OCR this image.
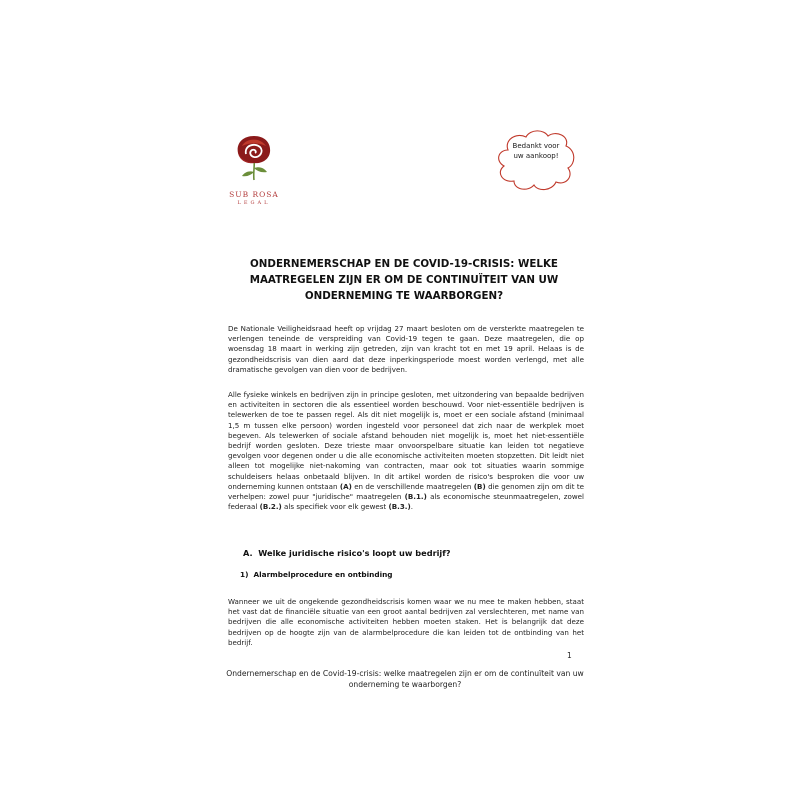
SUB ROSA
LEGAL
Bedankt voor uw aankoop!
ONDERNEMERSCHAP EN DE COVID-19-CRISIS: WELKE MAATREGELEN ZIJN ER OM DE CONTINUÏTEIT VAN UW ONDERNEMING TE WAARBORGEN?
De Nationale Veiligheidsraad heeft op vrijdag 27 maart besloten om de versterkte maatregelen te verlengen teneinde de verspreiding van Covid-19 tegen te gaan. Deze maatregelen, die op woensdag 18 maart in werking zijn getreden, zijn van kracht tot en met 19 april. Helaas is de gezondheidscrisis van dien aard dat deze inperkingsperiode moest worden verlengd, met alle dramatische gevolgen van dien voor de bedrijven.
Alle fysieke winkels en bedrijven zijn in principe gesloten, met uitzondering van bepaalde bedrijven en activiteiten in sectoren die als essentieel worden beschouwd. Voor niet-essentiële bedrijven is telewerken de toe te passen regel. Als dit niet mogelijk is, moet er een sociale afstand (minimaal 1,5 m tussen elke persoon) worden ingesteld voor personeel dat zich naar de werkplek moet begeven. Als telewerken of sociale afstand behouden niet mogelijk is, moet het niet-essentiële bedrijf worden gesloten. Deze trieste maar onvoorspelbare situatie kan leiden tot negatieve gevolgen voor degenen onder u die alle economische activiteiten moeten stopzetten. Dit leidt niet alleen tot mogelijke niet-nakoming van contracten, maar ook tot situaties waarin sommige schuldeisers helaas onbetaald blijven. In dit artikel worden de risico's besproken die voor uw onderneming kunnen ontstaan (A) en de verschillende maatregelen (B) die genomen zijn om dit te verhelpen: zowel puur "juridische" maatregelen (B.1.) als economische steunmaatregelen, zowel federaal (B.2.) als specifiek voor elk gewest (B.3.).
A.  Welke juridische risico's loopt uw bedrijf?
1)  Alarmbelprocedure en ontbinding
Wanneer we uit de ongekende gezondheidscrisis komen waar we nu mee te maken hebben, staat het vast dat de financiële situatie van een groot aantal bedrijven zal verslechteren, met name van bedrijven die alle economische activiteiten hebben moeten staken. Het is belangrijk dat deze bedrijven op de hoogte zijn van de alarmbelprocedure die kan leiden tot de ontbinding van het bedrijf.
1
Ondernemerschap en de Covid-19-crisis: welke maatregelen zijn er om de continuïteit van uw onderneming te waarborgen?
